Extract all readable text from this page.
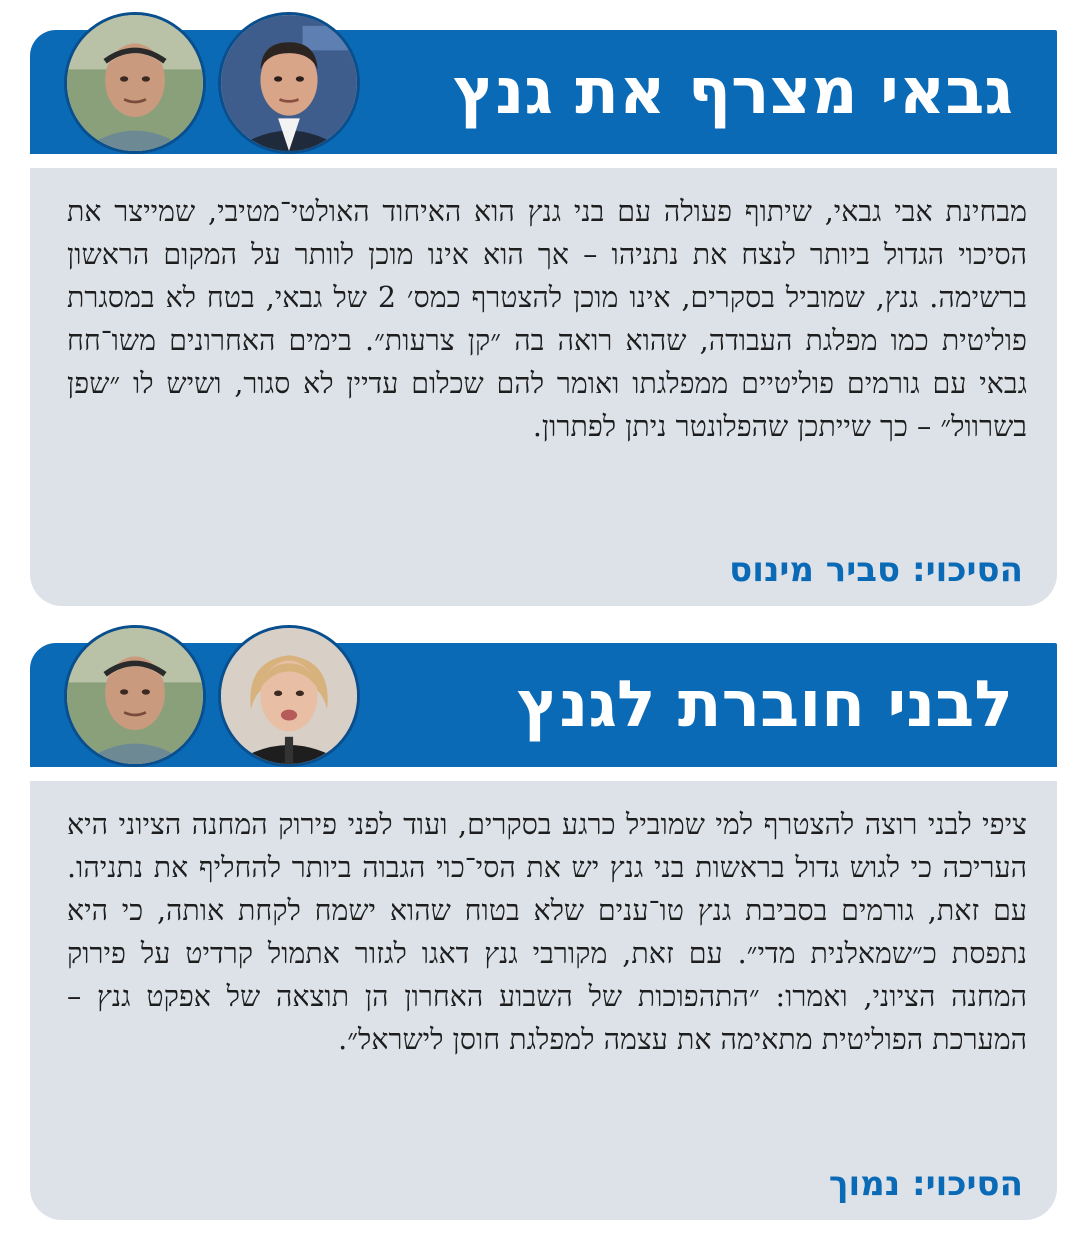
גבאי מצרף את גנץ

מבחינת אבי גבאי, שיתוף פעולה עם בני גנץ הוא האיחוד האולטי־מטיבי, שמייצר את הסיכוי הגדול ביותר לנצח את נתניהו – אך הוא אינו מוכן לוותר על המקום הראשון ברשימה. גנץ, שמוביל בסקרים, אינו מוכן להצטרף כמס׳ 2 של גבאי, בטח לא במסגרת פוליטית כמו מפלגת העבודה, שהוא רואה בה ״קן צרעות״. בימים האחרונים משו־חח גבאי עם גורמים פוליטיים ממפלגתו ואומר להם שכלום עדיין לא סגור, ושיש לו ״שפן בשרוול״ – כך שייתכן שהפלונטר ניתן לפתרון.

הסיכוי: סביר מינוס

לבני חוברת לגנץ

ציפי לבני רוצה להצטרף למי שמוביל כרגע בסקרים, ועוד לפני פירוק המחנה הציוני היא העריכה כי לגוש גדול בראשות בני גנץ יש את הסי־כוי הגבוה ביותר להחליף את נתניהו. עם זאת, גורמים בסביבת גנץ טו־ענים שלא בטוח שהוא ישמח לקחת אותה, כי היא נתפסת כ״שמאלנית מדי״. עם זאת, מקורבי גנץ דאגו לגזור אתמול קרדיט על פירוק המחנה הציוני, ואמרו: ״התהפוכות של השבוע האחרון הן תוצאה של אפקט גנץ – המערכת הפוליטית מתאימה את עצמה למפלגת חוסן לישראל״.

הסיכוי: נמוך
